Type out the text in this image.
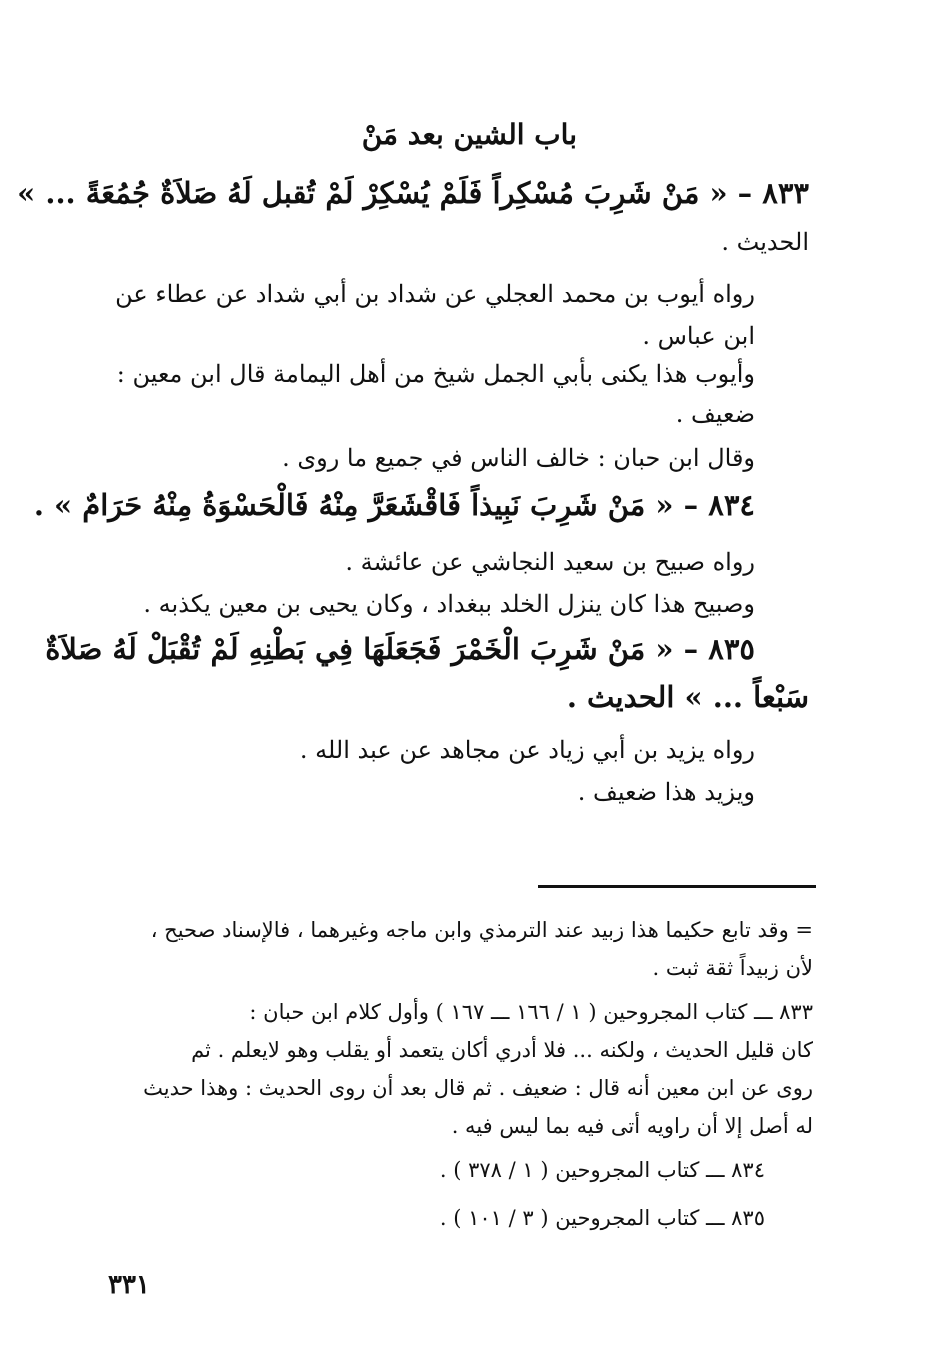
باب الشين بعد مَنْ
٨٣٣ – « مَنْ شَرِبَ مُسْكِراً فَلَمْ يُسْكِرْ لَمْ تُقبل لَهُ صَلاَةٌ جُمُعَةً ... »
الحديث .
رواه أيوب بن محمد العجلي عن شداد بن أبي شداد عن عطاء عن
ابن عباس .
وأيوب هذا يكنى بأبي الجمل شيخ من أهل اليمامة قال ابن معين :
ضعيف .
وقال ابن حبان : خالف الناس في جميع ما روى .
٨٣٤ – « مَنْ شَرِبَ نَبِيذاً فَاقْشَعَرَّ مِنْهُ فَالْحَسْوَةُ مِنْهُ حَرَامٌ » .
رواه صبيح بن سعيد النجاشي عن عائشة .
وصبيح هذا كان ينزل الخلد ببغداد ، وكان يحيى بن معين يكذبه .
٨٣٥ – « مَنْ شَرِبَ الْخَمْرَ فَجَعَلَهَا فِي بَطْنِهِ لَمْ تُقْبَلْ لَهُ صَلاَةٌ
سَبْعاً ... » الحديث .
رواه يزيد بن أبي زياد عن مجاهد عن عبد الله .
ويزيد هذا ضعيف .
= وقد تابع حكيما هذا زبيد عند الترمذي وابن ماجه وغيرهما ، فالإسناد صحيح ،
لأن زبيداً ثقة ثبت .
٨٣٣ ـــ كتاب المجروحين ( ١ / ١٦٦ ـــ ١٦٧ ) وأول كلام ابن حبان :
كان قليل الحديث ، ولكنه ... فلا أدري أكان يتعمد أو يقلب وهو لايعلم . ثم
روى عن ابن معين أنه قال : ضعيف . ثم قال بعد أن روى الحديث : وهذا حديث
له أصل إلا أن راويه أتى فيه بما ليس فيه .
٨٣٤ ـــ كتاب المجروحين ( ١ / ٣٧٨ ) .
٨٣٥ ـــ كتاب المجروحين ( ٣ / ١٠١ ) .
٣٣١
